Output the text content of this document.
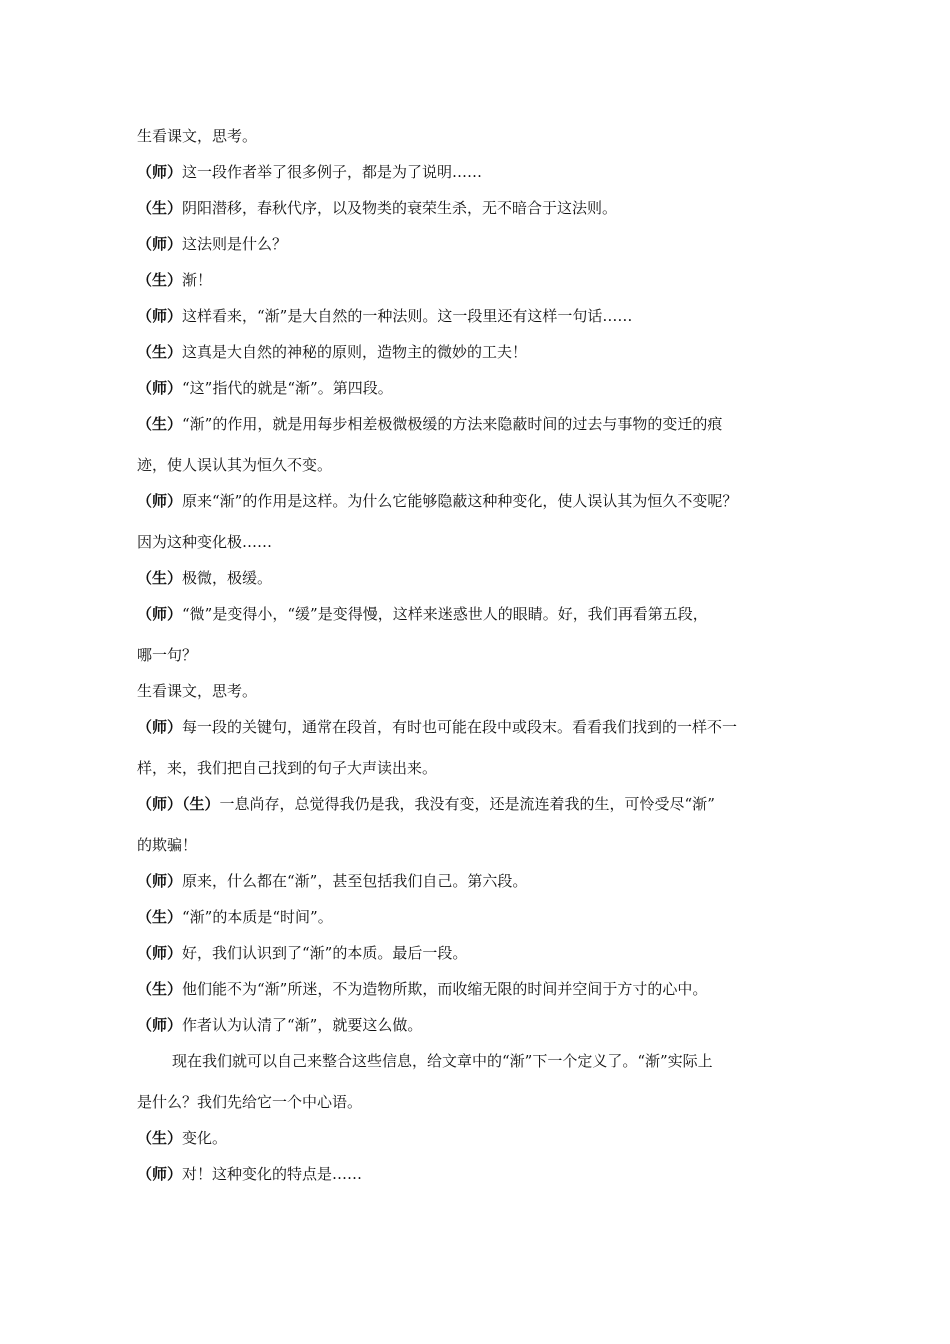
生看课文，思考。
（师）这一段作者举了很多例子，都是为了说明……
（生）阴阳潜移，春秋代序，以及物类的衰荣生杀，无不暗合于这法则。
（师）这法则是什么？
（生）渐！
（师）这样看来，“渐”是大自然的一种法则。这一段里还有这样一句话……
（生）这真是大自然的神秘的原则，造物主的微妙的工夫！
（师）“这”指代的就是“渐”。第四段。
（生）“渐”的作用，就是用每步相差极微极缓的方法来隐蔽时间的过去与事物的变迁的痕
迹，使人误认其为恒久不变。
（师）原来“渐”的作用是这样。为什么它能够隐蔽这种种变化，使人误认其为恒久不变呢？
因为这种变化极……
（生）极微，极缓。
（师）“微”是变得小，“缓”是变得慢，这样来迷惑世人的眼睛。好，我们再看第五段，
哪一句？
生看课文，思考。
（师）每一段的关键句，通常在段首，有时也可能在段中或段末。看看我们找到的一样不一
样，来，我们把自己找到的句子大声读出来。
（师）（生）一息尚存，总觉得我仍是我，我没有变，还是流连着我的生，可怜受尽“渐”
的欺骗！
（师）原来，什么都在“渐”，甚至包括我们自己。第六段。
（生）“渐”的本质是“时间”。
（师）好，我们认识到了“渐”的本质。最后一段。
（生）他们能不为“渐”所迷，不为造物所欺，而收缩无限的时间并空间于方寸的心中。
（师）作者认为认清了“渐”，就要这么做。
现在我们就可以自己来整合这些信息，给文章中的“渐”下一个定义了。“渐”实际上
是什么？我们先给它一个中心语。
（生）变化。
（师）对！这种变化的特点是……
